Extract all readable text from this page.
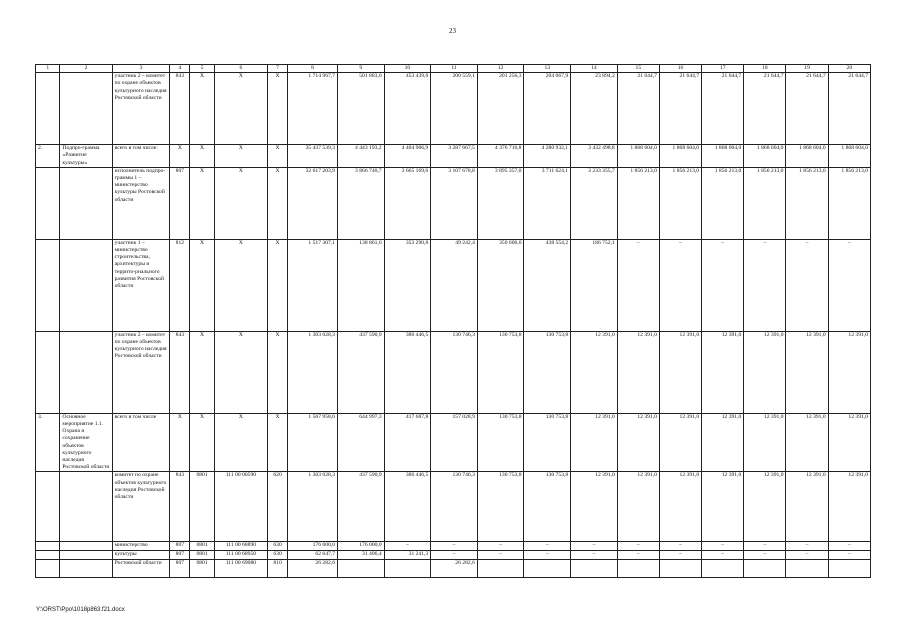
23
1	2	3	4	5	6	7	8	9	10	11	12	13	14	15	16	17	18	19	20
		участник 2 – комитет по охране объектов культурного наследия Ростовской области	843	Х	Х	Х	1 714 967,7	501 883,0	453 439,0	200 559,1	201 256,3	204 067,9	23 894,2	21 644,7	21 644,7	21 644,7	21 644,7	21 644,7	21 644,7
2.	Подпро-грамма «Развитие культуры»	всего в том числе:	Х	Х	Х	Х	35 437 539,3	4 443 193,2	4 404 906,9	3 287 667,5	4 376 716,8	4 280 932,1	3 432 498,8	1 868 604,0	1 868 604,0	1 868 604,0	1 868 604,0	1 868 604,0	1 868 604,0
		исполнитель подпро-граммы 1 – министерство культуры Ростовской области	807	Х	Х	Х	32 617 203,9	3 866 740,7	3 665 169,6	3 107 678,8	3 895 357,0	3 711 624,1	3 233 355,7	1 856 213,0	1 856 213,0	1 856 213,0	1 856 213,0	1 856 213,0	1 856 213,0
		участник 1 – министерство строительства, архитектуры и террито-риального развития Ростовской области	812	Х	Х	Х	1 517 307,1	138 861,6	353 290,8	49 242,4	350 606,0	438 554,2	186 752,1	–	–	–	–	–	–
		участник 2 – комитет по охране объектов культурного наследия Ростовской области	843	Х	Х	Х	1 303 028,3	437 590,9	386 446,5	130 746,3	130 753,8	130 753,8	12 391,0	12 391,0	12 391,0	12 391,0	12 391,0	12 391,0	12 391,0
3.	Основное мероприятие 1.1. Охрана и сохранение объектов культурного наследия Ростовской области	всего в том числе	Х	Х	Х	Х	1 567 958,6	644 997,3	417 687,8	157 028,9	130 753,8	130 753,8	12 391,0	12 391,0	12 391,0	12 391,0	12 391,0	12 391,0	12 391,0
		комитет по охране объектов культурного наследия Ростовской области	843	0801	111 00 00590	620	1 303 028,3	437 590,9	386 446,5	130 746,3	130 753,8	130 753,8	12 391,0	12 391,0	12 391,0	12 391,0	12 391,0	12 391,0	12 391,0
		министерство	807	0801	111 00 68890	630	176 000,0	176 000,0	–	–	–	–	–	–	–	–	–	–	–
		культуры	807	0801	111 00 68950	630	62 647,7	31 406,4	31 241,3	–	–	–	–	–	–	–	–	–	–
		Ростовской области	807	0801	111 00 69080	810	26 282,6			26 282,6									
Y:\ORST\Ppo\1018p863.f21.docx
